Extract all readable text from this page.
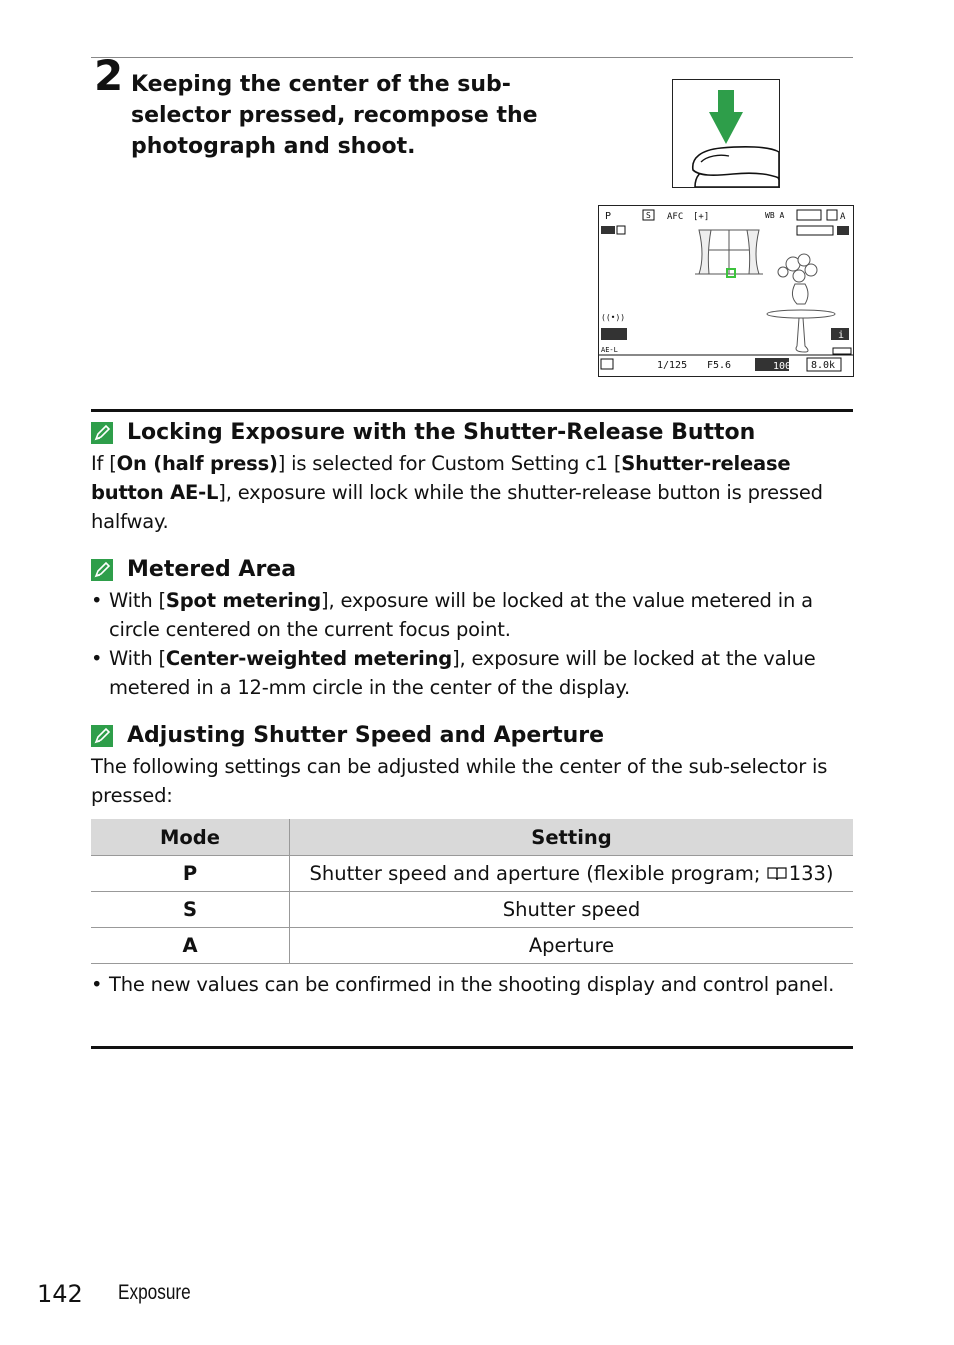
2 Keeping the center of the sub-selector pressed, recompose the photograph and shoot.
P	S AFC [+]	WB A	A
((•))
i
AE-L
1/125 F5.6	100 8.0k
Locking Exposure with the Shutter-Release Button
If [On (half press)] is selected for Custom Setting c1 [Shutter-release button AE-L], exposure will lock while the shutter-release button is pressed halfway.
Metered Area
• With [Spot metering], exposure will be locked at the value metered in a circle centered on the current focus point.
• With [Center-weighted metering], exposure will be locked at the value metered in a 12-mm circle in the center of the display.
Adjusting Shutter Speed and Aperture
The following settings can be adjusted while the center of the sub-selector is pressed:
Mode	Setting
P	Shutter speed and aperture (flexible program; 133)
S	Shutter speed
A	Aperture
• The new values can be confirmed in the shooting display and control panel.
142 Exposure
